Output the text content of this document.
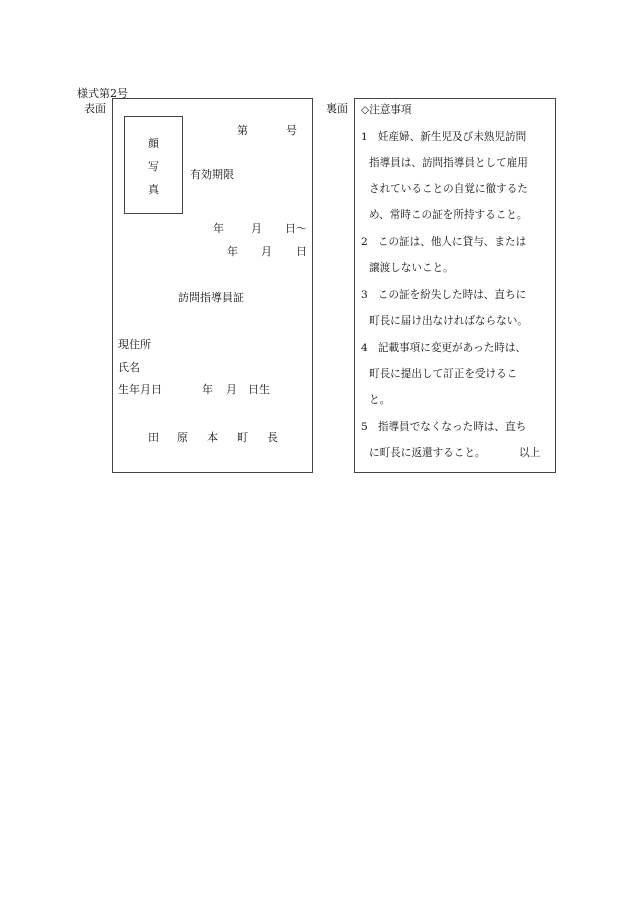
様式第2号
表面	裏面
顔
写
真
第	号
有効期限
年 月 日～
年 月 日
訪問指導員証
現住所
氏名
生年月日	年 月 日生
田 原 本 町 長
◇注意事項
1 妊産婦、新生児及び未熟児訪問
指導員は、訪問指導員として雇用
されていることの自覚に徹するた
め、常時この証を所持すること。
2 この証は、他人に貸与、または
譲渡しないこと。
3 この証を紛失した時は、直ちに
町長に届け出なければならない。
4 記載事項に変更があった時は、
町長に提出して訂正を受けるこ
と。
5 指導員でなくなった時は、直ち
に町長に返還すること。	以上
